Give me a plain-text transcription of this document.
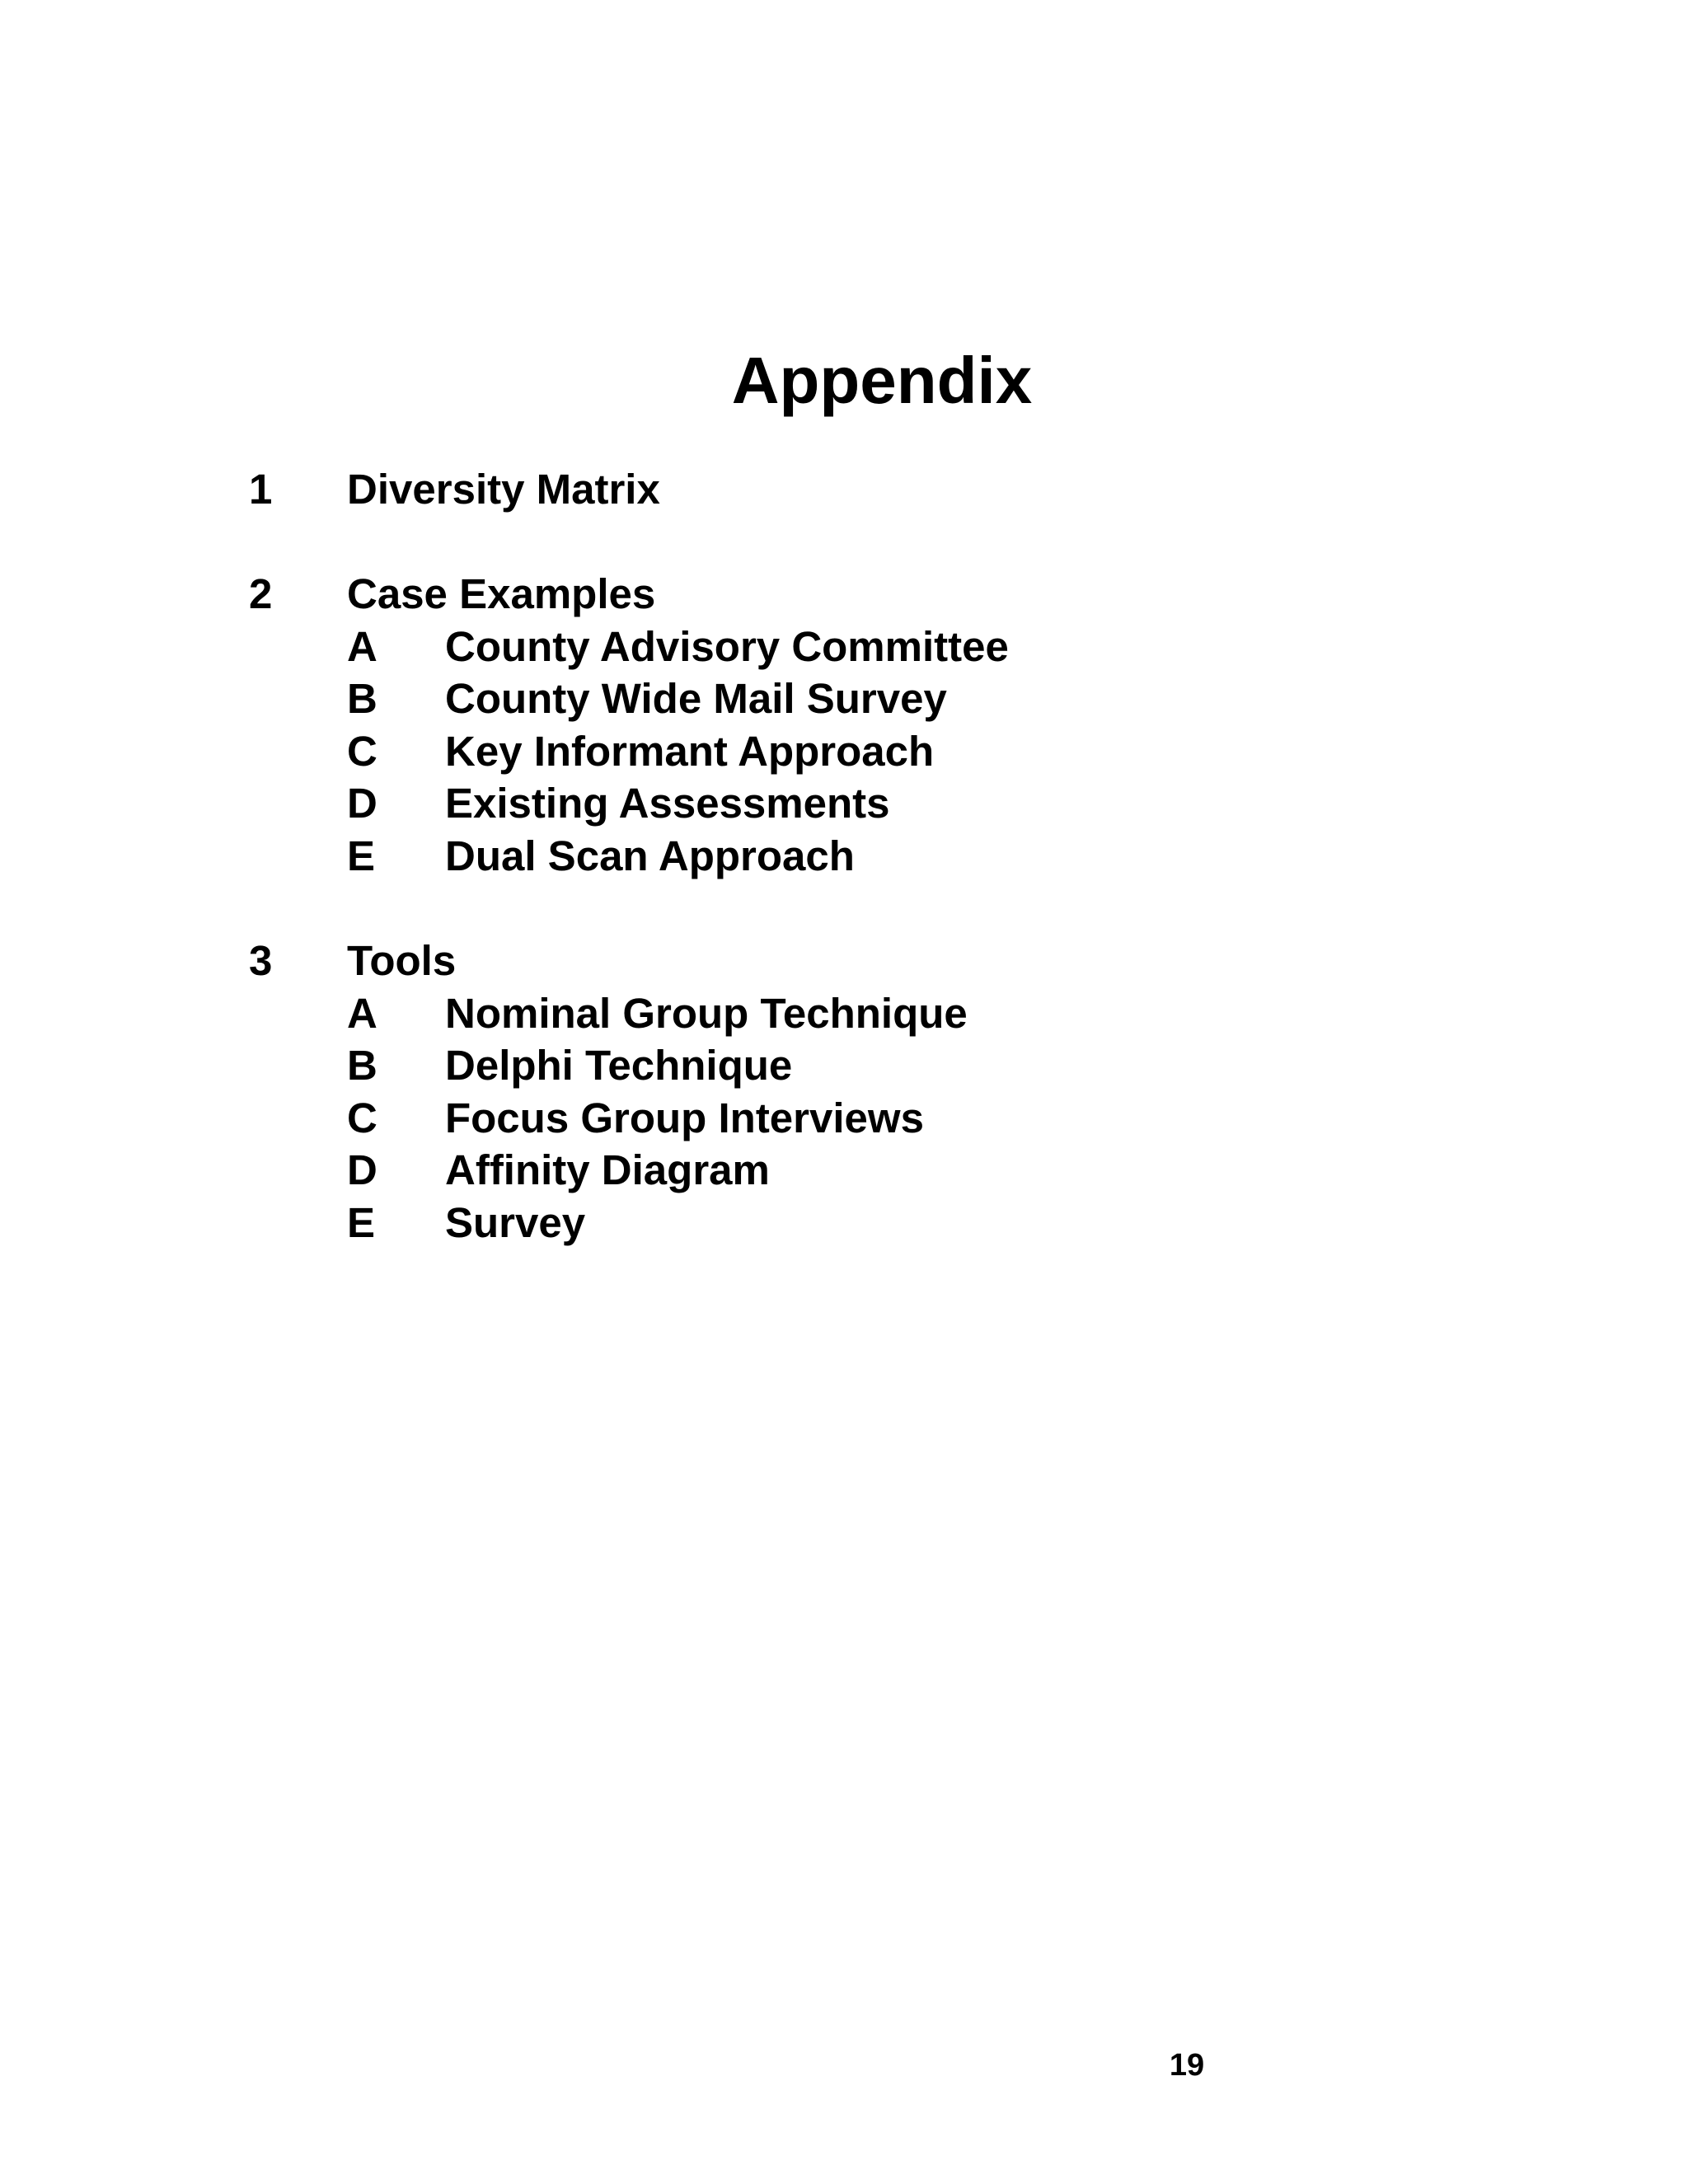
Appendix
1 Diversity Matrix
2 Case Examples
A County Advisory Committee
B County Wide Mail Survey
C Key Informant Approach
D Existing Assessments
E Dual Scan Approach
3 Tools
A Nominal Group Technique
B Delphi Technique
C Focus Group Interviews
D Affinity Diagram
E Survey
19
